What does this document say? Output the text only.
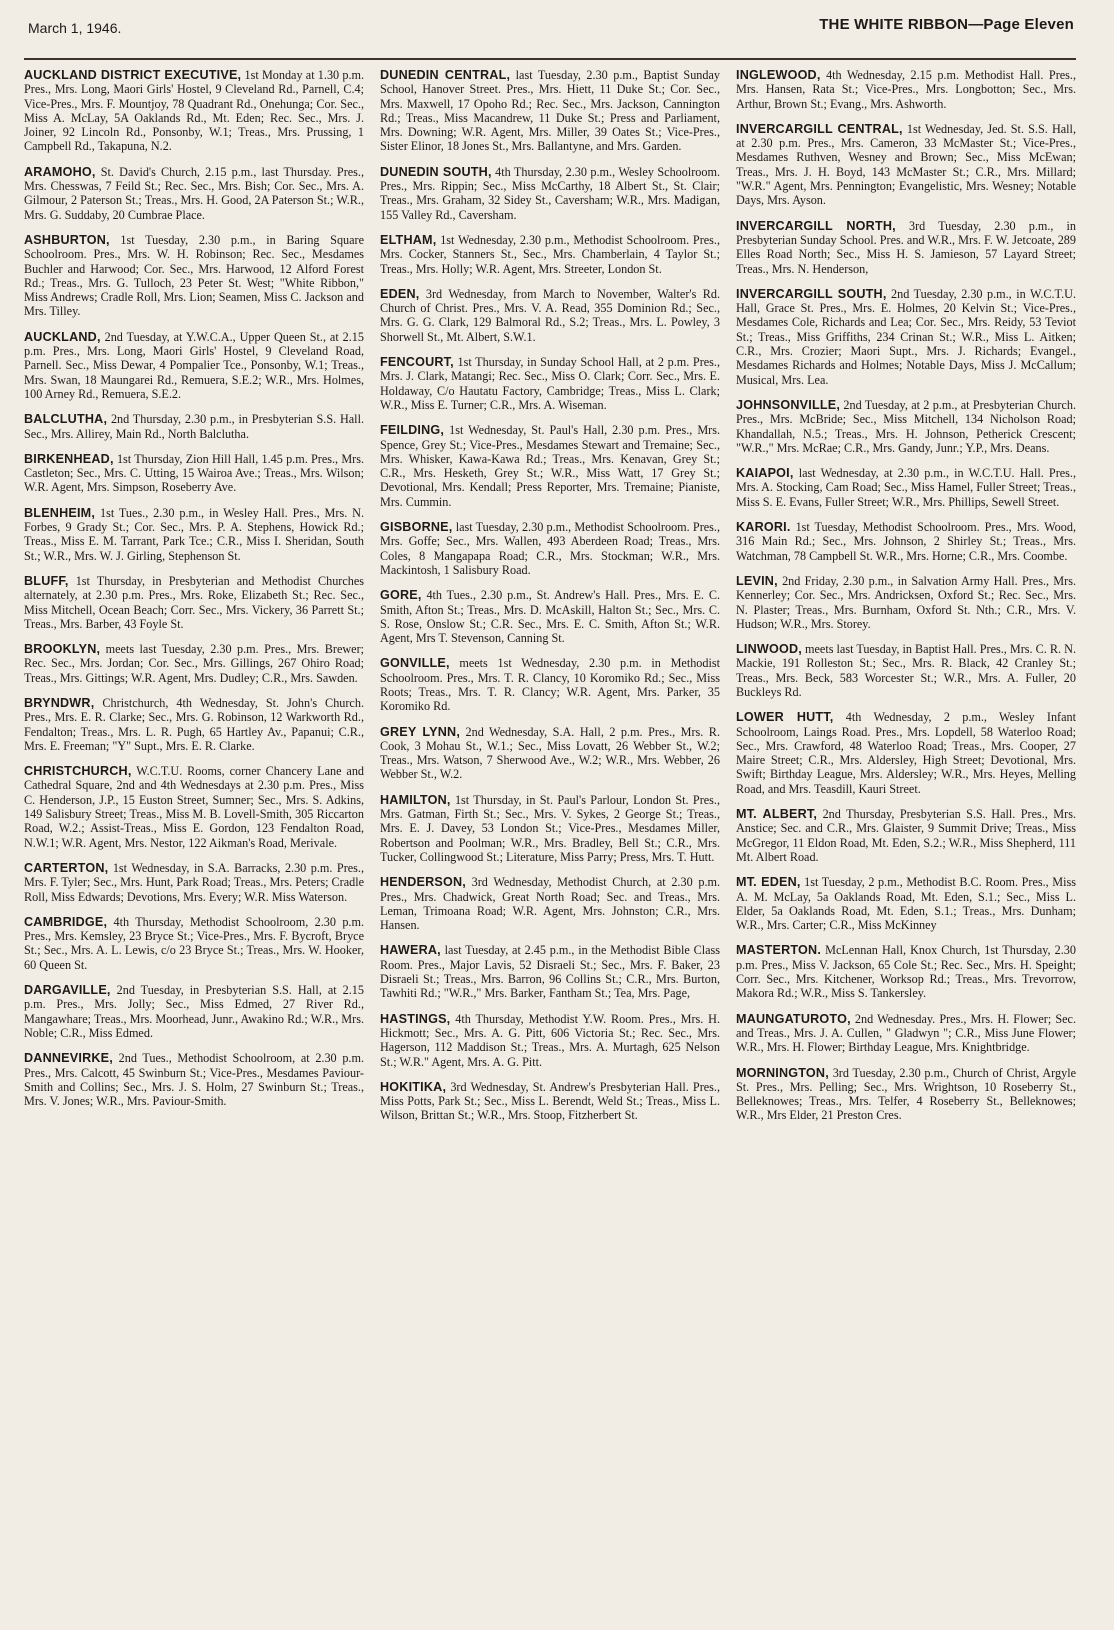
March 1, 1946.	THE WHITE RIBBON—Page Eleven

AUCKLAND DISTRICT EXECUTIVE, 1st Monday at 1.30 p.m. Pres., Mrs. Long, Maori Girls' Hostel, 9 Cleveland Rd., Parnell, C.4; Vice-Pres., Mrs. F. Mountjoy, 78 Quadrant Rd., Onehunga; Cor. Sec., Miss A. McLay, 5A Oaklands Rd., Mt. Eden; Rec. Sec., Mrs. J. Joiner, 92 Lincoln Rd., Ponsonby, W.1; Treas., Mrs. Prussing, 1 Campbell Rd., Takapuna, N.2.

ARAMOHO, St. David's Church, 2.15 p.m., last Thursday. Pres., Mrs. Chesswas, 7 Feild St.; Rec. Sec., Mrs. Bish; Cor. Sec., Mrs. A. Gilmour, 2 Paterson St.; Treas., Mrs. H. Good, 2A Paterson St.; W.R., Mrs. G. Suddaby, 20 Cumbrae Place.

ASHBURTON, 1st Tuesday, 2.30 p.m., in Baring Square Schoolroom. Pres., Mrs. W. H. Robinson; Rec. Sec., Mesdames Buchler and Harwood; Cor. Sec., Mrs. Harwood, 12 Alford Forest Rd.; Treas., Mrs. G. Tulloch, 23 Peter St. West; "White Ribbon," Miss Andrews; Cradle Roll, Mrs. Lion; Seamen, Miss C. Jackson and Mrs. Tilley.

AUCKLAND, 2nd Tuesday, at Y.W.C.A., Upper Queen St., at 2.15 p.m. Pres., Mrs. Long, Maori Girls' Hostel, 9 Cleveland Road, Parnell. Sec., Miss Dewar, 4 Pompalier Tce., Ponsonby, W.1; Treas., Mrs. Swan, 18 Maungarei Rd., Remuera, S.E.2; W.R., Mrs. Holmes, 100 Arney Rd., Remuera, S.E.2.

BALCLUTHA, 2nd Thursday, 2.30 p.m., in Presbyterian S.S. Hall. Sec., Mrs. Allirey, Main Rd., North Balclutha.

BIRKENHEAD, 1st Thursday, Zion Hill Hall, 1.45 p.m. Pres., Mrs. Castleton; Sec., Mrs. C. Utting, 15 Wairoa Ave.; Treas., Mrs. Wilson; W.R. Agent, Mrs. Simpson, Roseberry Ave.

BLENHEIM, 1st Tues., 2.30 p.m., in Wesley Hall. Pres., Mrs. N. Forbes, 9 Grady St.; Cor. Sec., Mrs. P. A. Stephens, Howick Rd.; Treas., Miss E. M. Tarrant, Park Tce.; C.R., Miss I. Sheridan, South St.; W.R., Mrs. W. J. Girling, Stephenson St.

BLUFF, 1st Thursday, in Presbyterian and Methodist Churches alternately, at 2.30 p.m. Pres., Mrs. Roke, Elizabeth St.; Rec. Sec., Miss Mitchell, Ocean Beach; Corr. Sec., Mrs. Vickery, 36 Parrett St.; Treas., Mrs. Barber, 43 Foyle St.

BROOKLYN, meets last Tuesday, 2.30 p.m. Pres., Mrs. Brewer; Rec. Sec., Mrs. Jordan; Cor. Sec., Mrs. Gillings, 267 Ohiro Road; Treas., Mrs. Gittings; W.R. Agent, Mrs. Dudley; C.R., Mrs. Sawden.

BRYNDWR, Christchurch, 4th Wednesday, St. John's Church. Pres., Mrs. E. R. Clarke; Sec., Mrs. G. Robinson, 12 Warkworth Rd., Fendalton; Treas., Mrs. L. R. Pugh, 65 Hartley Av., Papanui; C.R., Mrs. E. Freeman; "Y" Supt., Mrs. E. R. Clarke.

CHRISTCHURCH, W.C.T.U. Rooms, corner Chancery Lane and Cathedral Square, 2nd and 4th Wednesdays at 2.30 p.m. Pres., Miss C. Henderson, J.P., 15 Euston Street, Sumner; Sec., Mrs. S. Adkins, 149 Salisbury Street; Treas., Miss M. B. Lovell-Smith, 305 Riccarton Road, W.2.; Assist-Treas., Miss E. Gordon, 123 Fendalton Road, N.W.1; W.R. Agent, Mrs. Nestor, 122 Aikman's Road, Merivale.

CARTERTON, 1st Wednesday, in S.A. Barracks, 2.30 p.m. Pres., Mrs. F. Tyler; Sec., Mrs. Hunt, Park Road; Treas., Mrs. Peters; Cradle Roll, Miss Edwards; Devotions, Mrs. Every; W.R. Miss Waterson.

CAMBRIDGE, 4th Thursday, Methodist Schoolroom, 2.30 p.m. Pres., Mrs. Kemsley, 23 Bryce St.; Vice-Pres., Mrs. F. Bycroft, Bryce St.; Sec., Mrs. A. L. Lewis, c/o 23 Bryce St.; Treas., Mrs. W. Hooker, 60 Queen St.

DARGAVILLE, 2nd Tuesday, in Presbyterian S.S. Hall, at 2.15 p.m. Pres., Mrs. Jolly; Sec., Miss Edmed, 27 River Rd., Mangawhare; Treas., Mrs. Moorhead, Junr., Awakino Rd.; W.R., Mrs. Noble; C.R., Miss Edmed.

DANNEVIRKE, 2nd Tues., Methodist Schoolroom, at 2.30 p.m. Pres., Mrs. Calcott, 45 Swinburn St.; Vice-Pres., Mesdames Paviour-Smith and Collins; Sec., Mrs. J. S. Holm, 27 Swinburn St.; Treas., Mrs. V. Jones; W.R., Mrs. Paviour-Smith.

DUNEDIN CENTRAL, last Tuesday, 2.30 p.m., Baptist Sunday School, Hanover Street. Pres., Mrs. Hiett, 11 Duke St.; Cor. Sec., Mrs. Maxwell, 17 Opoho Rd.; Rec. Sec., Mrs. Jackson, Cannington Rd.; Treas., Miss Macandrew, 11 Duke St.; Press and Parliament, Mrs. Downing; W.R. Agent, Mrs. Miller, 39 Oates St.; Vice-Pres., Sister Elinor, 18 Jones St., Mrs. Ballantyne, and Mrs. Garden.

DUNEDIN SOUTH, 4th Thursday, 2.30 p.m., Wesley Schoolroom. Pres., Mrs. Rippin; Sec., Miss McCarthy, 18 Albert St., St. Clair; Treas., Mrs. Graham, 32 Sidey St., Caversham; W.R., Mrs. Madigan, 155 Valley Rd., Caversham.

ELTHAM, 1st Wednesday, 2.30 p.m., Methodist Schoolroom. Pres., Mrs. Cocker, Stanners St., Sec., Mrs. Chamberlain, 4 Taylor St.; Treas., Mrs. Holly; W.R. Agent, Mrs. Streeter, London St.

EDEN, 3rd Wednesday, from March to November, Walter's Rd. Church of Christ. Pres., Mrs. V. A. Read, 355 Dominion Rd.; Sec., Mrs. G. G. Clark, 129 Balmoral Rd., S.2; Treas., Mrs. L. Powley, 3 Shorwell St., Mt. Albert, S.W.1.

FENCOURT, 1st Thursday, in Sunday School Hall, at 2 p.m. Pres., Mrs. J. Clark, Matangi; Rec. Sec., Miss O. Clark; Corr. Sec., Mrs. E. Holdaway, C/o Hautatu Factory, Cambridge; Treas., Miss L. Clark; W.R., Miss E. Turner; C.R., Mrs. A. Wiseman.

FEILDING, 1st Wednesday, St. Paul's Hall, 2.30 p.m. Pres., Mrs. Spence, Grey St.; Vice-Pres., Mesdames Stewart and Tremaine; Sec., Mrs. Whisker, Kawa-Kawa Rd.; Treas., Mrs. Kenavan, Grey St.; C.R., Mrs. Hesketh, Grey St.; W.R., Miss Watt, 17 Grey St.; Devotional, Mrs. Kendall; Press Reporter, Mrs. Tremaine; Pianiste, Mrs. Cummin.

GISBORNE, last Tuesday, 2.30 p.m., Methodist Schoolroom. Pres., Mrs. Goffe; Sec., Mrs. Wallen, 493 Aberdeen Road; Treas., Mrs. Coles, 8 Mangapapa Road; C.R., Mrs. Stockman; W.R., Mrs. Mackintosh, 1 Salisbury Road.

GORE, 4th Tues., 2.30 p.m., St. Andrew's Hall. Pres., Mrs. E. C. Smith, Afton St.; Treas., Mrs. D. McAskill, Halton St.; Sec., Mrs. C. S. Rose, Onslow St.; C.R. Sec., Mrs. E. C. Smith, Afton St.; W.R. Agent, Mrs T. Stevenson, Canning St.

GONVILLE, meets 1st Wednesday, 2.30 p.m. in Methodist Schoolroom. Pres., Mrs. T. R. Clancy, 10 Koromiko Rd.; Sec., Miss Roots; Treas., Mrs. T. R. Clancy; W.R. Agent, Mrs. Parker, 35 Koromiko Rd.

GREY LYNN, 2nd Wednesday, S.A. Hall, 2 p.m. Pres., Mrs. R. Cook, 3 Mohau St., W.1.; Sec., Miss Lovatt, 26 Webber St., W.2; Treas., Mrs. Watson, 7 Sherwood Ave., W.2; W.R., Mrs. Webber, 26 Webber St., W.2.

HAMILTON, 1st Thursday, in St. Paul's Parlour, London St. Pres., Mrs. Gatman, Firth St.; Sec., Mrs. V. Sykes, 2 George St.; Treas., Mrs. E. J. Davey, 53 London St.; Vice-Pres., Mesdames Miller, Robertson and Poolman; W.R., Mrs. Bradley, Bell St.; C.R., Mrs. Tucker, Collingwood St.; Literature, Miss Parry; Press, Mrs. T. Hutt.

HENDERSON, 3rd Wednesday, Methodist Church, at 2.30 p.m. Pres., Mrs. Chadwick, Great North Road; Sec. and Treas., Mrs. Leman, Trimoana Road; W.R. Agent, Mrs. Johnston; C.R., Mrs. Hansen.

HAWERA, last Tuesday, at 2.45 p.m., in the Methodist Bible Class Room. Pres., Major Lavis, 52 Disraeli St.; Sec., Mrs. F. Baker, 23 Disraeli St.; Treas., Mrs. Barron, 96 Collins St.; C.R., Mrs. Burton, Tawhiti Rd.; "W.R.," Mrs. Barker, Fantham St.; Tea, Mrs. Page,

HASTINGS, 4th Thursday, Methodist Y.W. Room. Pres., Mrs. H. Hickmott; Sec., Mrs. A. G. Pitt, 606 Victoria St.; Rec. Sec., Mrs. Hagerson, 112 Maddison St.; Treas., Mrs. A. Murtagh, 625 Nelson St.; W.R." Agent, Mrs. A. G. Pitt.

HOKITIKA, 3rd Wednesday, St. Andrew's Presbyterian Hall. Pres., Miss Potts, Park St.; Sec., Miss L. Berendt, Weld St.; Treas., Miss L. Wilson, Brittan St.; W.R., Mrs. Stoop, Fitzherbert St.

INGLEWOOD, 4th Wednesday, 2.15 p.m. Methodist Hall. Pres., Mrs. Hansen, Rata St.; Vice-Pres., Mrs. Longbotton; Sec., Mrs. Arthur, Brown St.; Evang., Mrs. Ashworth.

INVERCARGILL CENTRAL, 1st Wednesday, Jed. St. S.S. Hall, at 2.30 p.m. Pres., Mrs. Cameron, 33 McMaster St.; Vice-Pres., Mesdames Ruthven, Wesney and Brown; Sec., Miss McEwan; Treas., Mrs. J. H. Boyd, 143 McMaster St.; C.R., Mrs. Millard; "W.R." Agent, Mrs. Pennington; Evangelistic, Mrs. Wesney; Notable Days, Mrs. Ayson.

INVERCARGILL NORTH, 3rd Tuesday, 2.30 p.m., in Presbyterian Sunday School. Pres. and W.R., Mrs. F. W. Jetcoate, 289 Elles Road North; Sec., Miss H. S. Jamieson, 57 Layard Street; Treas., Mrs. N. Henderson,

INVERCARGILL SOUTH, 2nd Tuesday, 2.30 p.m., in W.C.T.U. Hall, Grace St. Pres., Mrs. E. Holmes, 20 Kelvin St.; Vice-Pres., Mesdames Cole, Richards and Lea; Cor. Sec., Mrs. Reidy, 53 Teviot St.; Treas., Miss Griffiths, 234 Crinan St.; W.R., Miss L. Aitken; C.R., Mrs. Crozier; Maori Supt., Mrs. J. Richards; Evangel., Mesdames Richards and Holmes; Notable Days, Miss J. McCallum; Musical, Mrs. Lea.

JOHNSONVILLE, 2nd Tuesday, at 2 p.m., at Presbyterian Church. Pres., Mrs. McBride; Sec., Miss Mitchell, 134 Nicholson Road; Khandallah, N.5.; Treas., Mrs. H. Johnson, Petherick Crescent; "W.R.," Mrs. McRae; C.R., Mrs. Gandy, Junr.; Y.P., Mrs. Deans.

KAIAPOI, last Wednesday, at 2.30 p.m., in W.C.T.U. Hall. Pres., Mrs. A. Stocking, Cam Road; Sec., Miss Hamel, Fuller Street; Treas., Miss S. E. Evans, Fuller Street; W.R., Mrs. Phillips, Sewell Street.

KARORI. 1st Tuesday, Methodist Schoolroom. Pres., Mrs. Wood, 316 Main Rd.; Sec., Mrs. Johnson, 2 Shirley St.; Treas., Mrs. Watchman, 78 Campbell St. W.R., Mrs. Horne; C.R., Mrs. Coombe.

LEVIN, 2nd Friday, 2.30 p.m., in Salvation Army Hall. Pres., Mrs. Kennerley; Cor. Sec., Mrs. Andricksen, Oxford St.; Rec. Sec., Mrs. N. Plaster; Treas., Mrs. Burnham, Oxford St. Nth.; C.R., Mrs. V. Hudson; W.R., Mrs. Storey.

LINWOOD, meets last Tuesday, in Baptist Hall. Pres., Mrs. C. R. N. Mackie, 191 Rolleston St.; Sec., Mrs. R. Black, 42 Cranley St.; Treas., Mrs. Beck, 583 Worcester St.; W.R., Mrs. A. Fuller, 20 Buckleys Rd.

LOWER HUTT, 4th Wednesday, 2 p.m., Wesley Infant Schoolroom, Laings Road. Pres., Mrs. Lopdell, 58 Waterloo Road; Sec., Mrs. Crawford, 48 Waterloo Road; Treas., Mrs. Cooper, 27 Maire Street; C.R., Mrs. Aldersley, High Street; Devotional, Mrs. Swift; Birthday League, Mrs. Aldersley; W.R., Mrs. Heyes, Melling Road, and Mrs. Teasdill, Kauri Street.

MT. ALBERT, 2nd Thursday, Presbyterian S.S. Hall. Pres., Mrs. Anstice; Sec. and C.R., Mrs. Glaister, 9 Summit Drive; Treas., Miss McGregor, 11 Eldon Road, Mt. Eden, S.2.; W.R., Miss Shepherd, 111 Mt. Albert Road.

MT. EDEN, 1st Tuesday, 2 p.m., Methodist B.C. Room. Pres., Miss A. M. McLay, 5a Oaklands Road, Mt. Eden, S.1.; Sec., Miss L. Elder, 5a Oaklands Road, Mt. Eden, S.1.; Treas., Mrs. Dunham; W.R., Mrs. Carter; C.R., Miss McKinney

MASTERTON. McLennan Hall, Knox Church, 1st Thursday, 2.30 p.m. Pres., Miss V. Jackson, 65 Cole St.; Rec. Sec., Mrs. H. Speight; Corr. Sec., Mrs. Kitchener, Worksop Rd.; Treas., Mrs. Trevorrow, Makora Rd.; W.R., Miss S. Tankersley.

MAUNGATUROTO, 2nd Wednesday. Pres., Mrs. H. Flower; Sec. and Treas., Mrs. J. A. Cullen, " Gladwyn "; C.R., Miss June Flower; W.R., Mrs. H. Flower; Birthday League, Mrs. Knightbridge.

MORNINGTON, 3rd Tuesday, 2.30 p.m., Church of Christ, Argyle St. Pres., Mrs. Pelling; Sec., Mrs. Wrightson, 10 Roseberry St., Belleknowes; Treas., Mrs. Telfer, 4 Roseberry St., Belleknowes; W.R., Mrs Elder, 21 Preston Cres.
